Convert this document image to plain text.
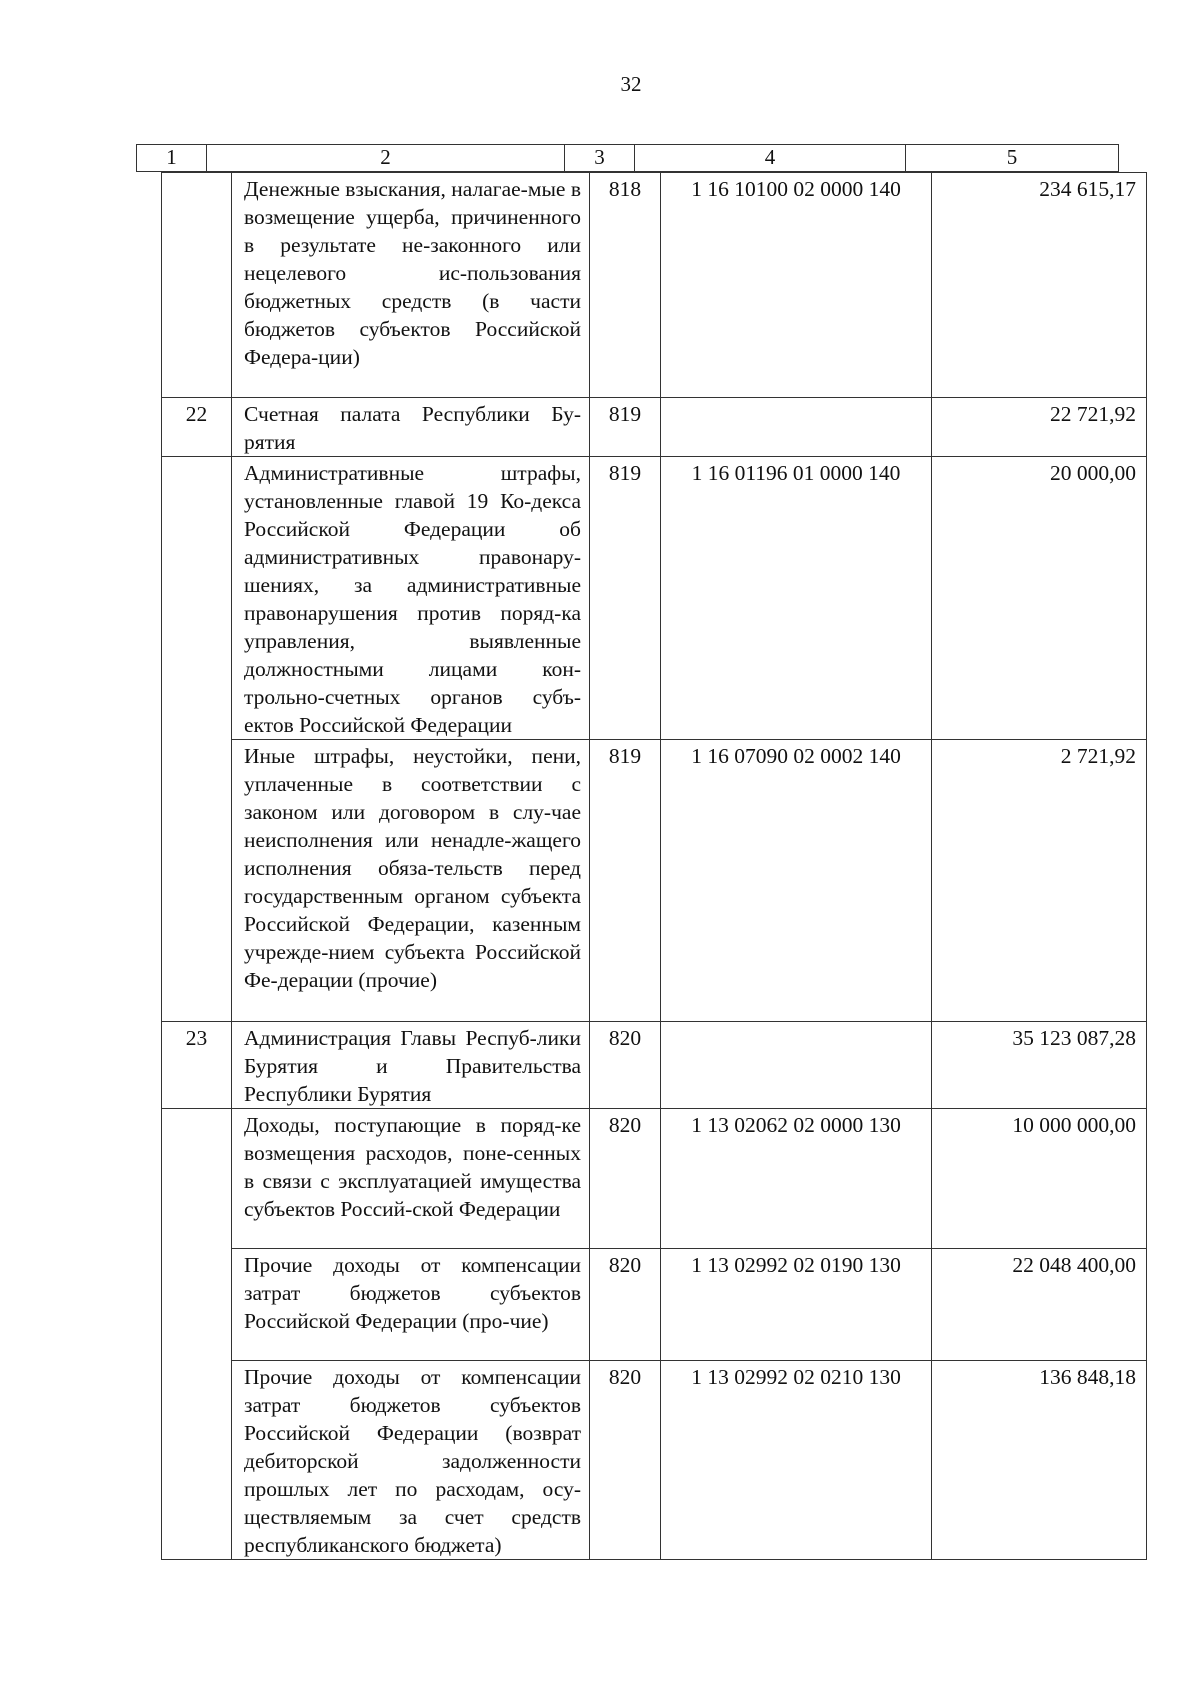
32
1	2	3	4	5
	Денежные взыскания, налагае-мые в возмещение ущерба, причиненного в результате не-законного или нецелевого ис-пользования бюджетных средств (в части бюджетов субъектов Российской Федера-ции)	818	1 16 10100 02 0000 140	234 615,17
22	Счетная палата Республики Бу-рятия	819		22 721,92
	Административные штрафы, установленные главой 19 Ко-декса Российской Федерации об административных правонару-шениях, за административные правонарушения против поряд-ка управления, выявленные должностными лицами кон-трольно-счетных органов субъ-ектов Российской Федерации	819	1 16 01196 01 0000 140	20 000,00
	Иные штрафы, неустойки, пени, уплаченные в соответствии с законом или договором в слу-чае неисполнения или ненадле-жащего исполнения обяза-тельств перед государственным органом субъекта Российской Федерации, казенным учрежде-нием субъекта Российской Фе-дерации (прочие)	819	1 16 07090 02 0002 140	2 721,92
23	Администрация Главы Респуб-лики Бурятия и Правительства Республики Бурятия	820		35 123 087,28
	Доходы, поступающие в поряд-ке возмещения расходов, поне-сенных в связи с эксплуатацией имущества субъектов Россий-ской Федерации	820	1 13 02062 02 0000 130	10 000 000,00
	Прочие доходы от компенсации затрат бюджетов субъектов Российской Федерации (про-чие)	820	1 13 02992 02 0190 130	22 048 400,00
	Прочие доходы от компенсации затрат бюджетов субъектов Российской Федерации (возврат дебиторской задолженности прошлых лет по расходам, осу-ществляемым за счет средств республиканского бюджета)	820	1 13 02992 02 0210 130	136 848,18
